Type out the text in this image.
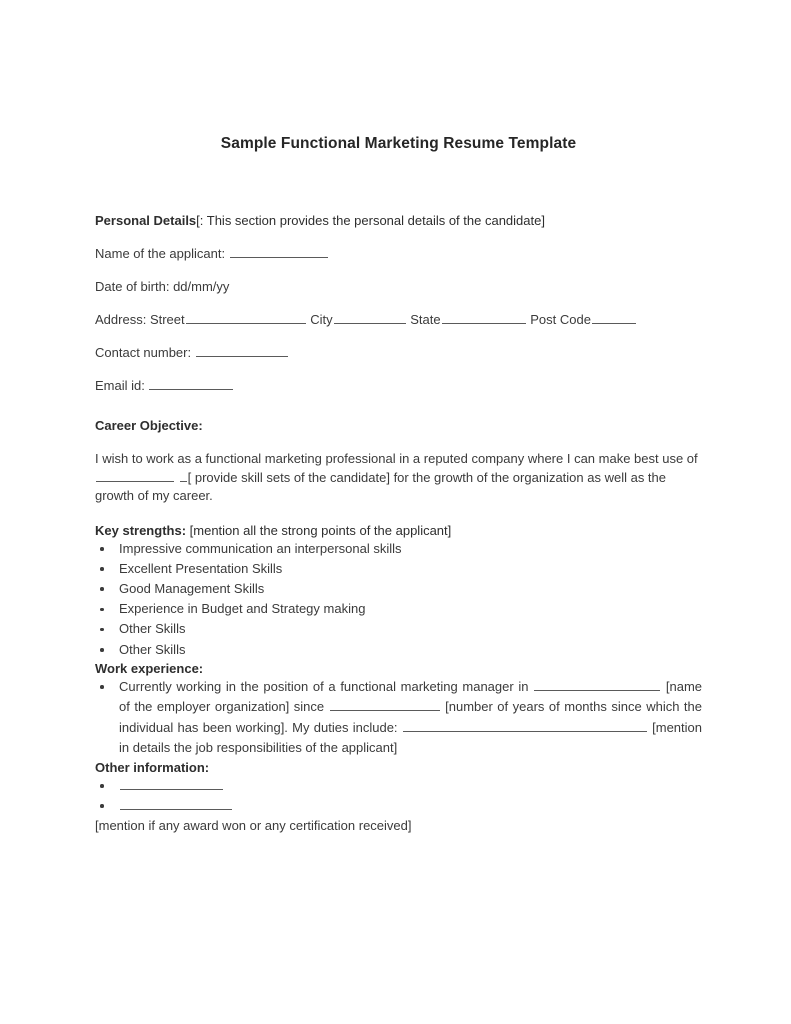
Sample Functional Marketing Resume Template
Personal Details[: This section provides the personal details of the candidate]
Name of the applicant:
Date of birth: dd/mm/yy
Address: Street	City	State	Post Code
Contact number:
Email id:
Career Objective:
I wish to work as a functional marketing professional in a reputed company where I can make best use of  [ provide skill sets of the candidate] for the growth of the organization as well as the growth of my career.
Key strengths: [mention all the strong points of the applicant]
Impressive communication an interpersonal skills
Excellent Presentation Skills
Good Management Skills
Experience in Budget and Strategy making
Other Skills
Other Skills
Work experience:
Currently working in the position of a functional marketing manager in	[name of the employer organization] since	[number of years of months since which the individual has been working]. My duties include:	[mention in details the job responsibilities of the applicant]
Other information:
[mention if any award won or any certification received]
